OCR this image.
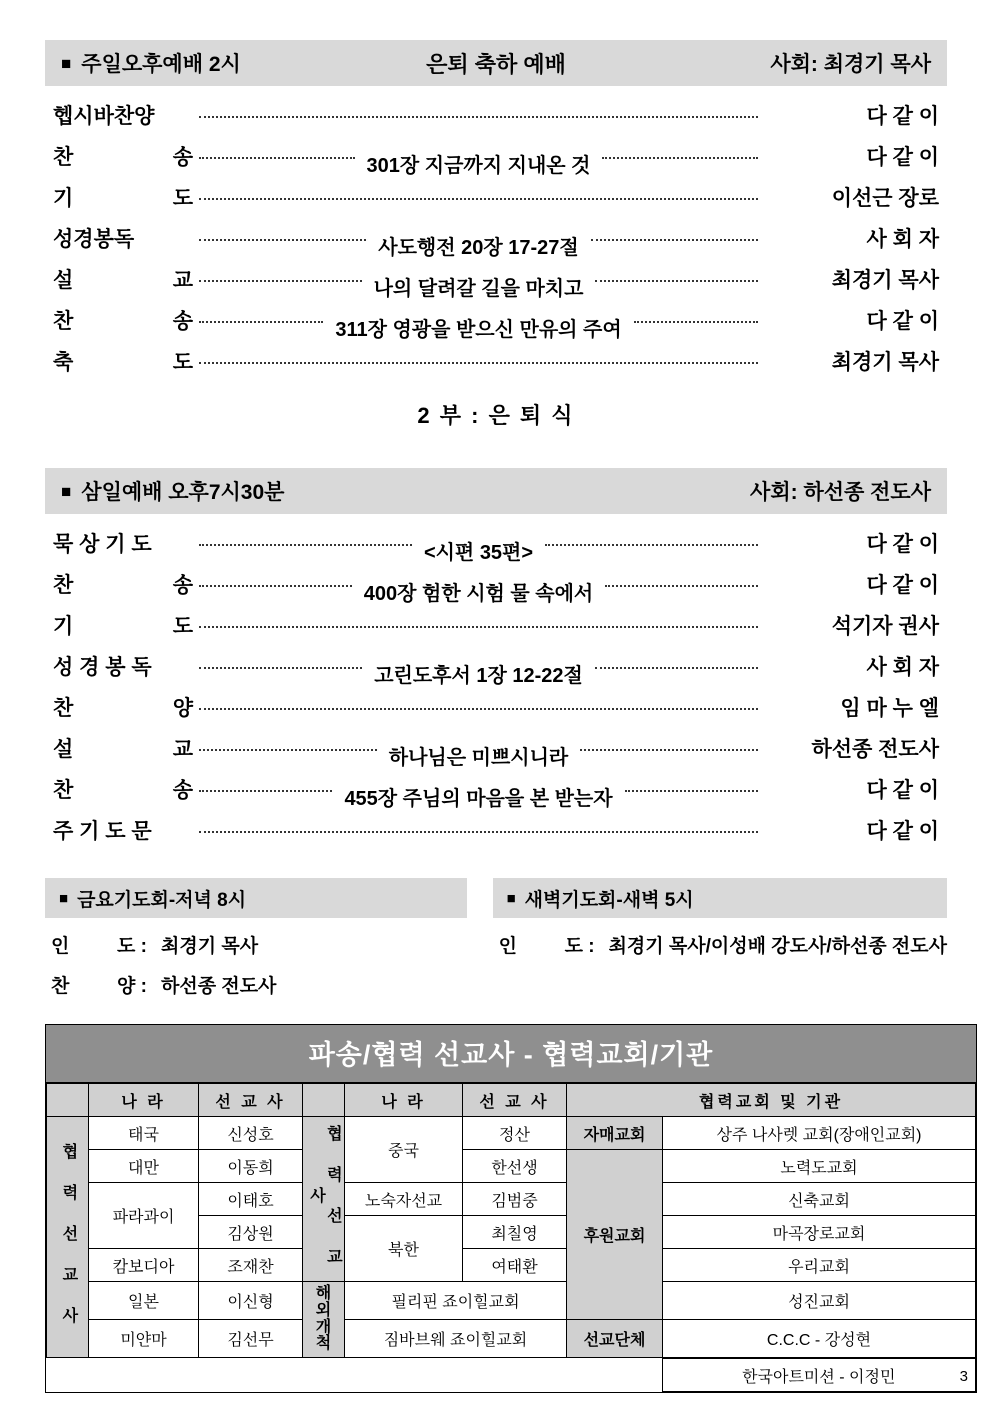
■ 주일오후예배 2시	은퇴 축하 예배	사회: 최경기 목사
헵시바찬양	다 같 이
찬	송	301장 지금까지 지내온 것	다 같 이
기	도	이선근 장로
성경봉독	사도행전 20장 17-27절	사 회 자
설	교	나의 달려갈 길을 마치고	최경기 목사
찬	송	311장 영광을 받으신 만유의 주여	다 같 이
축	도	최경기 목사
2 부 : 은 퇴 식
■ 삼일예배 오후7시30분	사회: 하선종 전도사
묵 상 기 도	<시편 35편>	다 같 이
찬	송	400장 험한 시험 물 속에서	다 같 이
기	도	석기자 권사
성 경 봉 독	고린도후서 1장 12-22절	사 회 자
찬	양	임 마 누 엘
설	교	하나님은 미쁘시니라	하선종 전도사
찬	송	455장 주님의 마음을 본 받는자	다 같 이
주 기 도 문	다 같 이
■ 금요기도회-저녁 8시
인	도 : 최경기 목사
찬	양 : 하선종 전도사
■ 새벽기도회-새벽 5시
인	도 : 최경기 목사/이성배 강도사/하선종 전도사
파송/협력 선교사 - 협력교회/기관
	나 라	선 교 사		나 라	선 교 사	협력교회 및 기관	
협 력 선 교 사	태국	신성호	협 력 선 교 사	중국	정산	자매교회	상주 나사렛 교회(장애인교회)
	대만	이동희			한선생	후원교회	노력도교회
	파라과이	이태호		노숙자선교	김범중		신축교회
		김상원		북한	최칠영		마곡장로교회
	캄보디아	조재찬			여태환		우리교회
	일본	이신형	해외개척	필리핀 죠이힐교회			성진교회
	미얀마	김선무		짐바브웨 죠이힐교회		선교단체	C.C.C - 강성현
							한국아트미션 - 이정민	3
